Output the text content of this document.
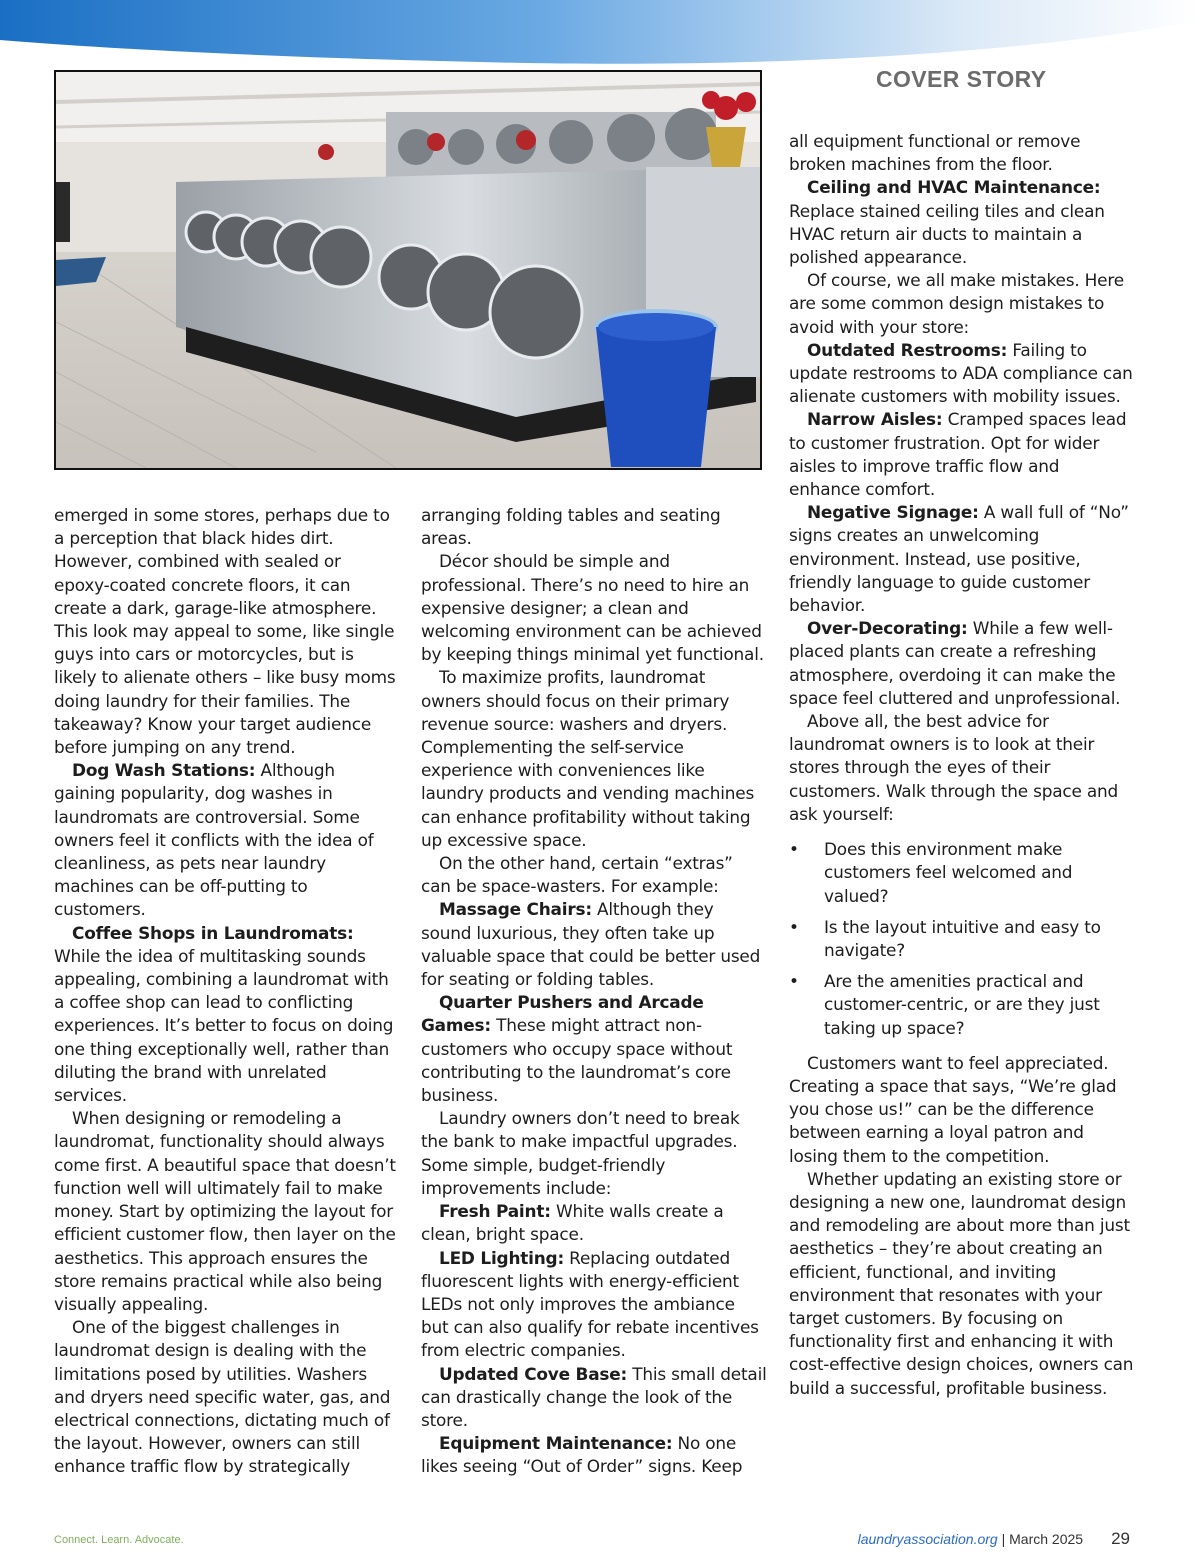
COVER STORY

emerged in some stores, perhaps due to a perception that black hides dirt. However, combined with sealed or epoxy-coated concrete floors, it can create a dark, garage-like atmosphere. This look may appeal to some, like single guys into cars or motorcycles, but is likely to alienate others – like busy moms doing laundry for their families. The takeaway? Know your target audience before jumping on any trend.

Dog Wash Stations: Although gaining popularity, dog washes in laundromats are controversial. Some owners feel it conflicts with the idea of cleanliness, as pets near laundry machines can be off-putting to customers.

Coffee Shops in Laundromats: While the idea of multitasking sounds appealing, combining a laundromat with a coffee shop can lead to conflicting experiences. It’s better to focus on doing one thing exceptionally well, rather than diluting the brand with unrelated services.

When designing or remodeling a laundromat, functionality should always come first. A beautiful space that doesn’t function well will ultimately fail to make money. Start by optimizing the layout for efficient customer flow, then layer on the aesthetics. This approach ensures the store remains practical while also being visually appealing.

One of the biggest challenges in laundromat design is dealing with the limitations posed by utilities. Washers and dryers need specific water, gas, and electrical connections, dictating much of the layout. However, owners can still enhance traffic flow by strategically

arranging folding tables and seating areas.

Décor should be simple and professional. There’s no need to hire an expensive designer; a clean and welcoming environment can be achieved by keeping things minimal yet functional.

To maximize profits, laundromat owners should focus on their primary revenue source: washers and dryers. Complementing the self-service experience with conveniences like laundry products and vending machines can enhance profitability without taking up excessive space.

On the other hand, certain “extras” can be space-wasters. For example:

Massage Chairs: Although they sound luxurious, they often take up valuable space that could be better used for seating or folding tables.

Quarter Pushers and Arcade Games: These might attract non-customers who occupy space without contributing to the laundromat’s core business.

Laundry owners don’t need to break the bank to make impactful upgrades. Some simple, budget-friendly improvements include:

Fresh Paint: White walls create a clean, bright space.

LED Lighting: Replacing outdated fluorescent lights with energy-efficient LEDs not only improves the ambiance but can also qualify for rebate incentives from electric companies.

Updated Cove Base: This small detail can drastically change the look of the store.

Equipment Maintenance: No one likes seeing “Out of Order” signs. Keep

all equipment functional or remove broken machines from the floor.

Ceiling and HVAC Maintenance: Replace stained ceiling tiles and clean HVAC return air ducts to maintain a polished appearance.

Of course, we all make mistakes. Here are some common design mistakes to avoid with your store:

Outdated Restrooms: Failing to update restrooms to ADA compliance can alienate customers with mobility issues.

Narrow Aisles: Cramped spaces lead to customer frustration. Opt for wider aisles to improve traffic flow and enhance comfort.

Negative Signage: A wall full of “No” signs creates an unwelcoming environment. Instead, use positive, friendly language to guide customer behavior.

Over-Decorating: While a few well-placed plants can create a refreshing atmosphere, overdoing it can make the space feel cluttered and unprofessional.

Above all, the best advice for laundromat owners is to look at their stores through the eyes of their customers. Walk through the space and ask yourself:

• Does this environment make customers feel welcomed and valued?
• Is the layout intuitive and easy to navigate?
• Are the amenities practical and customer-centric, or are they just taking up space?

Customers want to feel appreciated. Creating a space that says, “We’re glad you chose us!” can be the difference between earning a loyal patron and losing them to the competition.

Whether updating an existing store or designing a new one, laundromat design and remodeling are about more than just aesthetics – they’re about creating an efficient, functional, and inviting environment that resonates with your target customers. By focusing on functionality first and enhancing it with cost-effective design choices, owners can build a successful, profitable business.

Connect. Learn. Advocate.	laundryassociation.org | March 2025 29
